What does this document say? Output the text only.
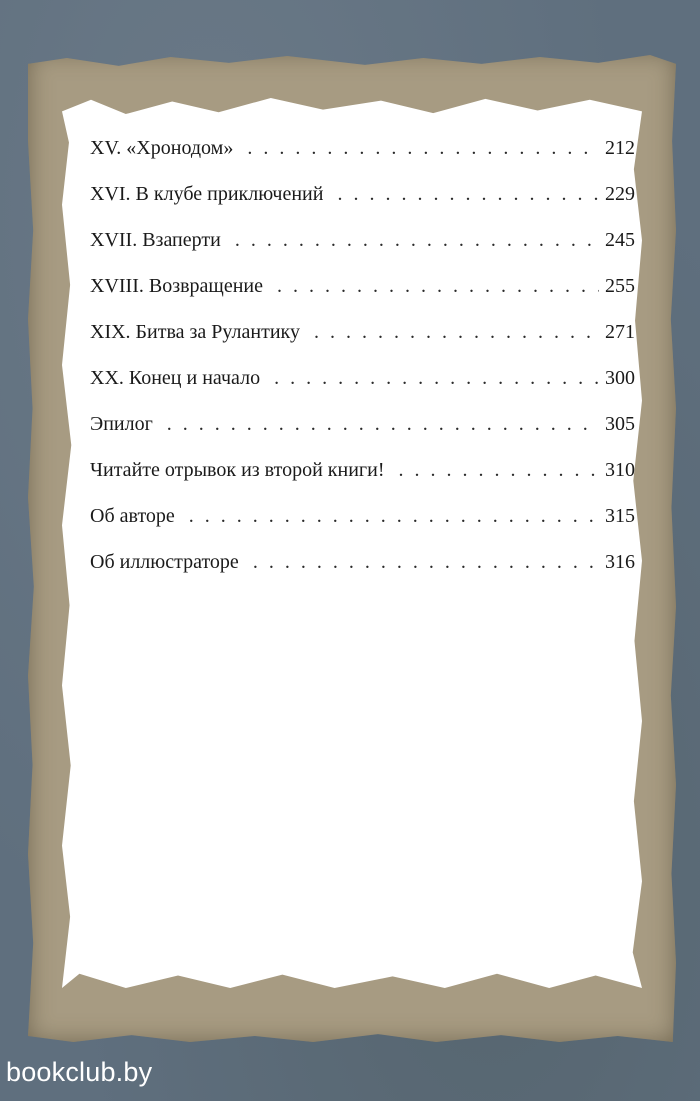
XV. «Хронодом» . . .	212
XVI. В клубе приключений . . .	229
XVII. Взаперти . . .	245
XVIII. Возвращение . . .	255
XIX. Битва за Рулантику . . .	271
XX. Конец и начало . . .	300
Эпилог . . .	305
Читайте отрывок из второй книги! . . .	310
Об авторе . . .	315
Об иллюстраторе . . .	316
bookclub.by
